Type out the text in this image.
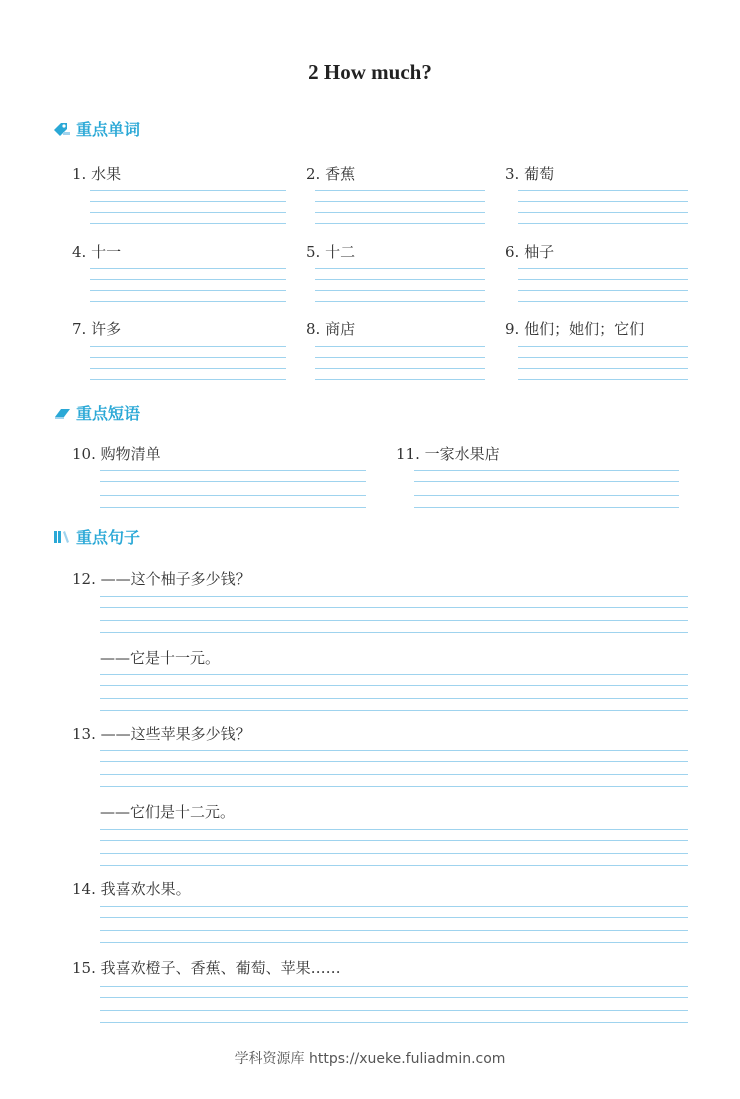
2 How much?
重点单词
1. 水果	2. 香蕉	3. 葡萄
4. 十一	5. 十二	6. 柚子
7. 许多	8. 商店	9. 他们；她们；它们
重点短语
10. 购物清单	11. 一家水果店
重点句子
12. ——这个柚子多少钱？
——它是十一元。
13. ——这些苹果多少钱？
——它们是十二元。
14. 我喜欢水果。
15. 我喜欢橙子、香蕉、葡萄、苹果……
学科资源库 https://xueke.fuliadmin.com
